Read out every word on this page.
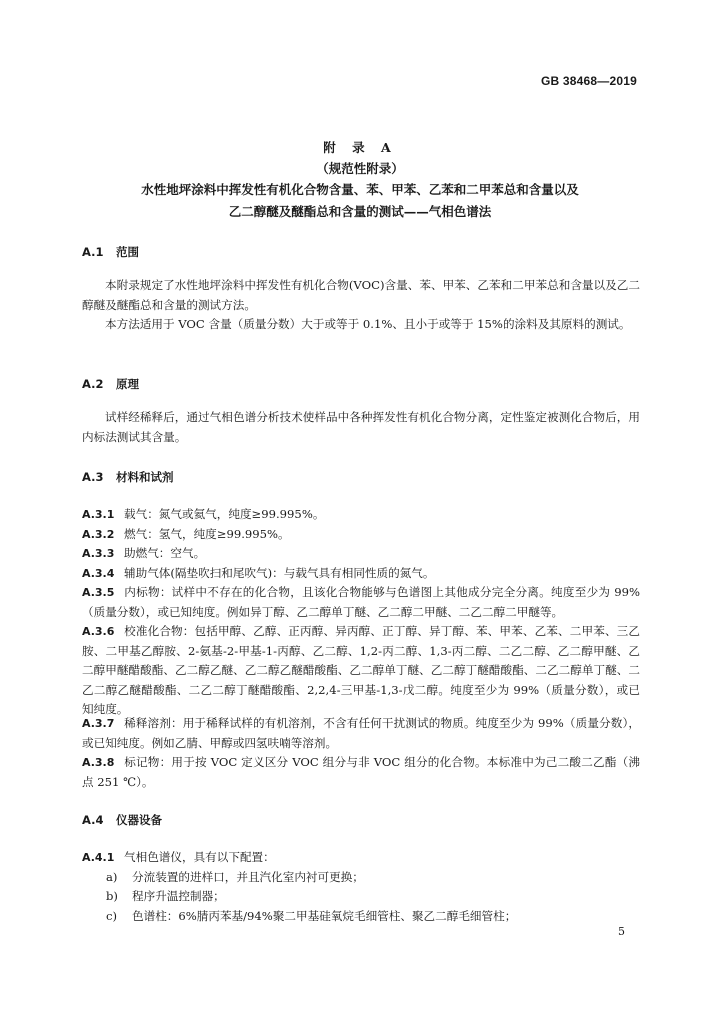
GB 38468—2019
附 录 A
（规范性附录）
水性地坪涂料中挥发性有机化合物含量、苯、甲苯、乙苯和二甲苯总和含量以及
乙二醇醚及醚酯总和含量的测试——气相色谱法
A.1 范围
本附录规定了水性地坪涂料中挥发性有机化合物(VOC)含量、苯、甲苯、乙苯和二甲苯总和含量以及乙二醇醚及醚酯总和含量的测试方法。
本方法适用于 VOC 含量（质量分数）大于或等于 0.1%、且小于或等于 15%的涂料及其原料的测试。
A.2 原理
试样经稀释后，通过气相色谱分析技术使样品中各种挥发性有机化合物分离，定性鉴定被测化合物后，用内标法测试其含量。
A.3 材料和试剂
A.3.1 载气：氮气或氦气，纯度≥99.995%。
A.3.2 燃气：氢气，纯度≥99.995%。
A.3.3 助燃气：空气。
A.3.4 辅助气体(隔垫吹扫和尾吹气)：与载气具有相同性质的氮气。
A.3.5 内标物：试样中不存在的化合物，且该化合物能够与色谱图上其他成分完全分离。纯度至少为 99%（质量分数），或已知纯度。例如异丁醇、乙二醇单丁醚、乙二醇二甲醚、二乙二醇二甲醚等。
A.3.6 校准化合物：包括甲醇、乙醇、正丙醇、异丙醇、正丁醇、异丁醇、苯、甲苯、乙苯、二甲苯、三乙胺、二甲基乙醇胺、2-氨基-2-甲基-1-丙醇、乙二醇、1,2-丙二醇、1,3-丙二醇、二乙二醇、乙二醇甲醚、乙二醇甲醚醋酸酯、乙二醇乙醚、乙二醇乙醚醋酸酯、乙二醇单丁醚、乙二醇丁醚醋酸酯、二乙二醇单丁醚、二乙二醇乙醚醋酸酯、二乙二醇丁醚醋酸酯、2,2,4-三甲基-1,3-戊二醇。纯度至少为 99%（质量分数），或已知纯度。
A.3.7 稀释溶剂：用于稀释试样的有机溶剂，不含有任何干扰测试的物质。纯度至少为 99%（质量分数），或已知纯度。例如乙腈、甲醇或四氢呋喃等溶剂。
A.3.8 标记物：用于按 VOC 定义区分 VOC 组分与非 VOC 组分的化合物。本标准中为己二酸二乙酯（沸点 251 ℃）。
A.4 仪器设备
A.4.1 气相色谱仪，具有以下配置：
a) 分流装置的进样口，并且汽化室内衬可更换；
b) 程序升温控制器；
c) 色谱柱：6%腈丙苯基/94%聚二甲基硅氧烷毛细管柱、聚乙二醇毛细管柱；
5
